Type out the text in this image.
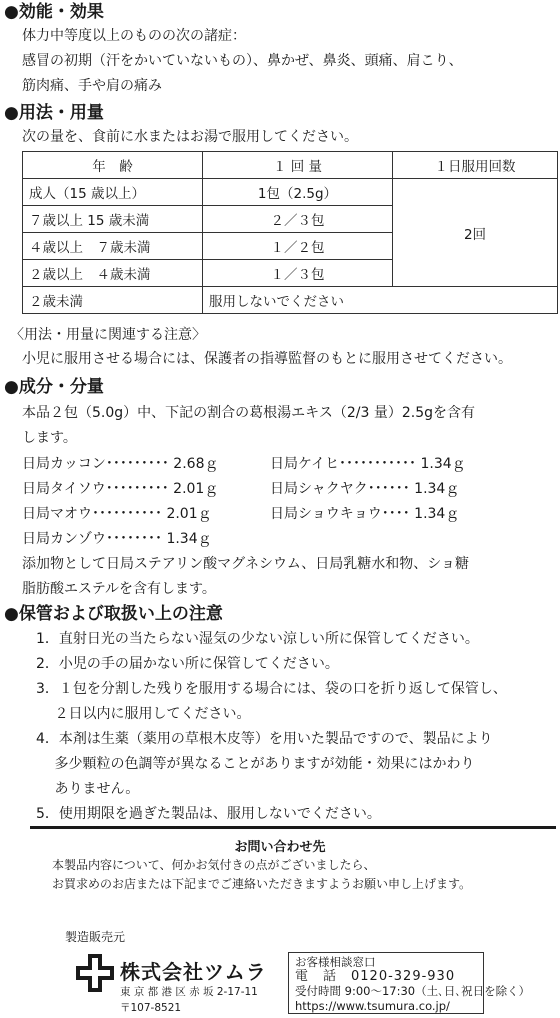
●効能・効果
体力中等度以上のものの次の諸症：
感冒の初期（汗をかいていないもの）、鼻かぜ、鼻炎、頭痛、肩こり、
筋肉痛、手や肩の痛み
●用法・用量
次の量を、食前に水またはお湯で服用してください。
年　齢	１ 回 量	１日服用回数
成人（15 歳以上）	1包（2.5g）	2回
７歳以上 15 歳未満	２／３包	
４歳以上　７歳未満	１／２包	
２歳以上　４歳未満	１／３包	
２歳未満	服用しないでください	
〈用法・用量に関連する注意〉
小児に服用させる場合には、保護者の指導監督のもとに服用させてください。
●成分・分量
本品２包（5.0g）中、下記の割合の葛根湯エキス（2/3 量）2.5gを含有
します。
日局カッコン･････････ 2.68ｇ	日局ケイヒ･･･････････ 1.34ｇ
日局タイソウ･････････ 2.01ｇ	日局シャクヤク･･････ 1.34ｇ
日局マオウ･･････････ 2.01ｇ	日局ショウキョウ････ 1.34ｇ
日局カンゾウ････････ 1.34ｇ
添加物として日局ステアリン酸マグネシウム、日局乳糖水和物、ショ糖
脂肪酸エステルを含有します。
●保管および取扱い上の注意
1．直射日光の当たらない湿気の少ない涼しい所に保管してください。
2．小児の手の届かない所に保管してください。
3．１包を分割した残りを服用する場合には、袋の口を折り返して保管し、
　 ２日以内に服用してください。
4．本剤は生薬（薬用の草根木皮等）を用いた製品ですので、製品により
　 多少顆粒の色調等が異なることがありますが効能・効果にはかわり
　 ありません。
5．使用期限を過ぎた製品は、服用しないでください。
お問い合わせ先
本製品内容について、何かお気付きの点がございましたら、
お買求めのお店または下記までご連絡いただきますようお願い申し上げます。
製造販売元
株式会社ツムラ
東 京 都 港 区 赤 坂 2-17-11
〒107-8521
お客様相談窓口
電　話　0120-329-930
受付時間 9:00〜17:30（土､日､祝日を除く）
https://www.tsumura.co.jp/
